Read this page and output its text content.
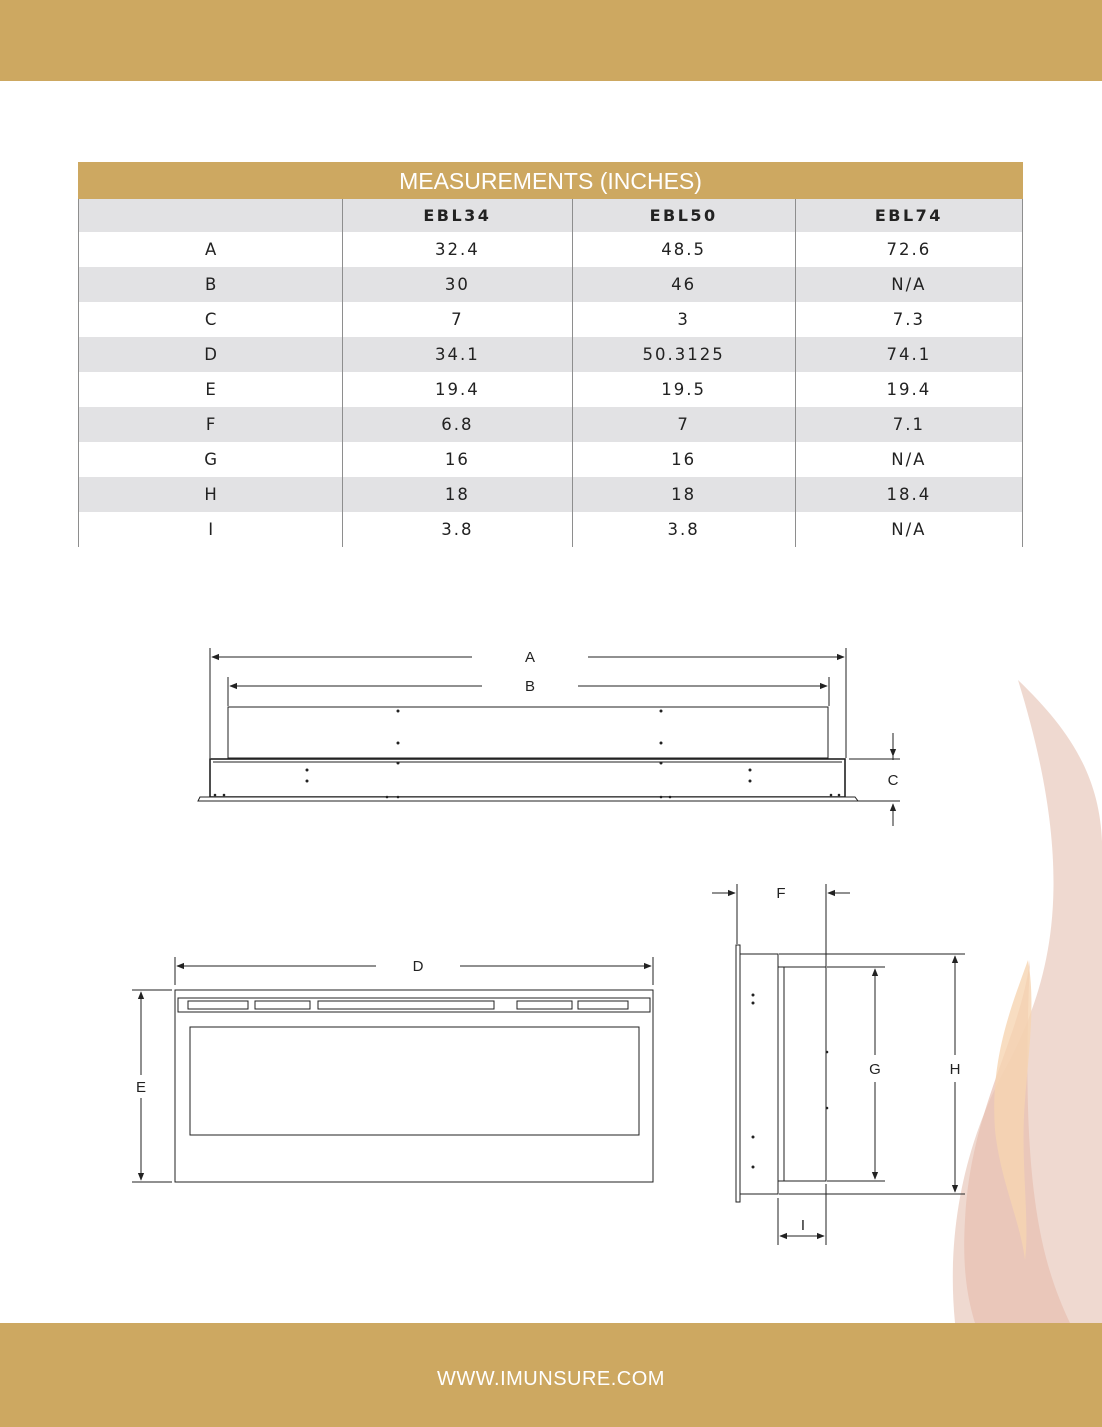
MEASUREMENTS (INCHES)
	EBL34	EBL50	EBL74
A	32.4	48.5	72.6
B	30	46	N/A
C	7	3	7.3
D	34.1	50.3125	74.1
E	19.4	19.5	19.4
F	6.8	7	7.1
G	16	16	N/A
H	18	18	18.4
I	3.8	3.8	N/A
A
B
C
D
E
F
G	H
I
WWW.IMUNSURE.COM
